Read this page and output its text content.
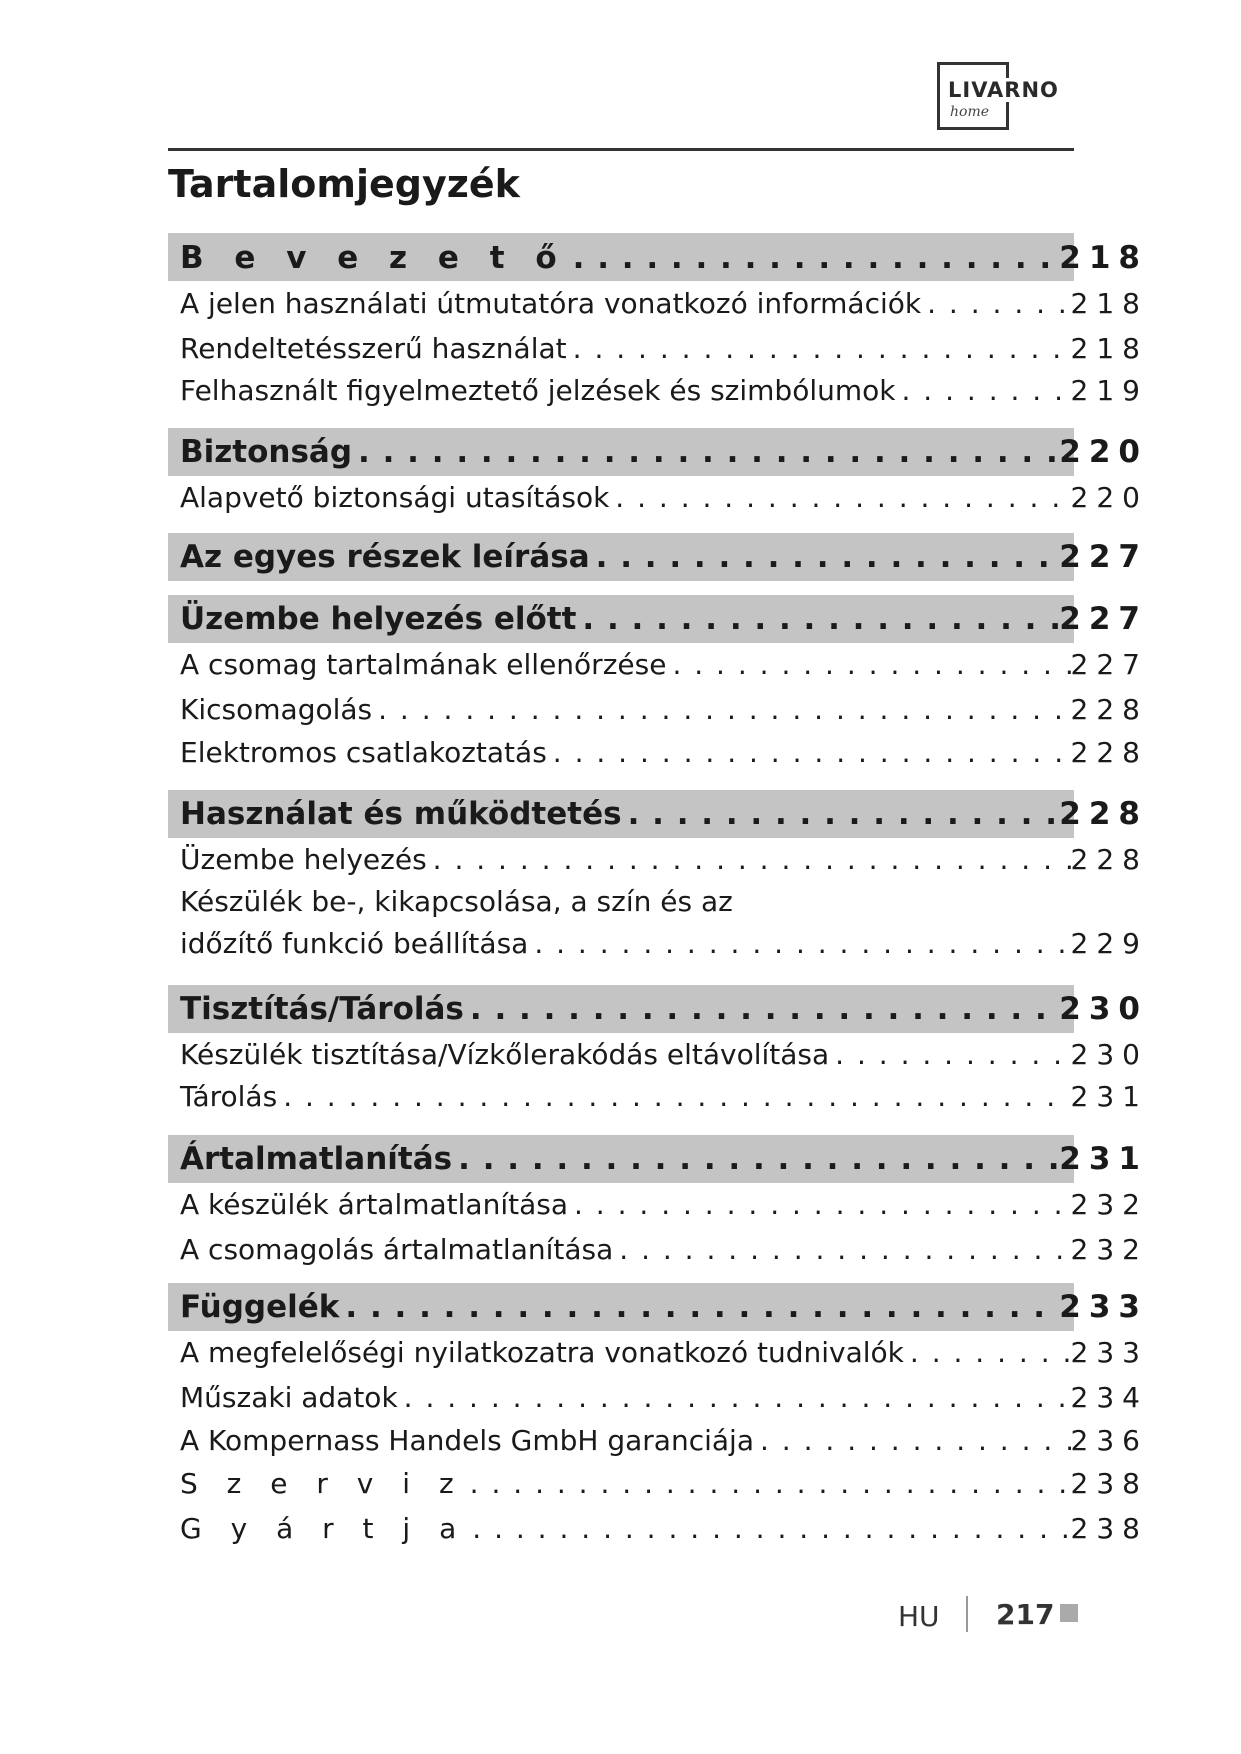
LIVARNO
home
Tartalomjegyzék
B e v e z e t ő . . .	218
A jelen használati útmutatóra vonatkozó információk . . .	218
Rendeltetésszerű használat . . .	218
Felhasznált figyelmeztető jelzések és szimbólumok . . .	219
Biztonság . . .	220
Alapvető biztonsági utasítások . . .	220
Az egyes részek leírása . . .	227
Üzembe helyezés előtt . . .	227
A csomag tartalmának ellenőrzése . . .	227
Kicsomagolás . . .	228
Elektromos csatlakoztatás . . .	228
Használat és működtetés . . .	228
Üzembe helyezés . . .	228
Készülék be-, kikapcsolása, a szín és az
időzítő funkció beállítása . . .	229
Tisztítás/Tárolás . . .	230
Készülék tisztítása/Vízkőlerakódás eltávolítása . . .	230
Tárolás . . .	231
Ártalmatlanítás . . .	231
A készülék ártalmatlanítása . . .	232
A csomagolás ártalmatlanítása . . .	232
Függelék . . .	233
A megfelelőségi nyilatkozatra vonatkozó tudnivalók . . .	233
Műszaki adatok . . .	234
A Kompernass Handels GmbH garanciája . . .	236
S z e r v i z . . .	238
G y á r t j a . . .	238
HU 217
